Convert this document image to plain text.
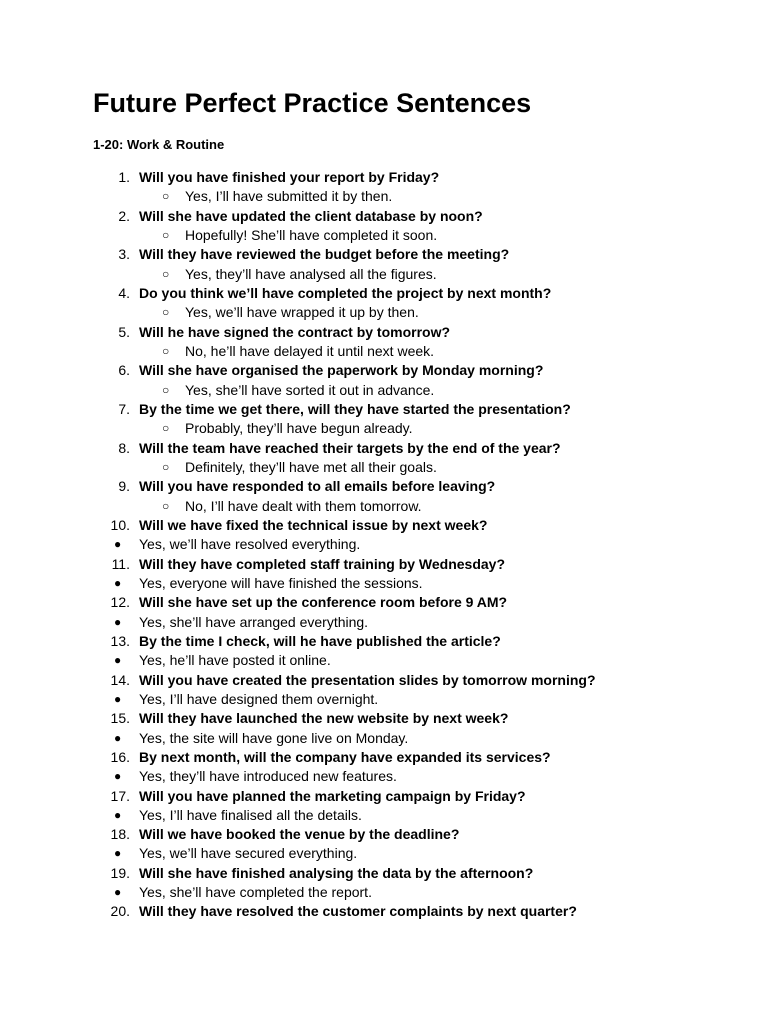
Future Perfect Practice Sentences
1-20: Work & Routine
1. Will you have finished your report by Friday?
○ Yes, I’ll have submitted it by then.
2. Will she have updated the client database by noon?
○ Hopefully! She’ll have completed it soon.
3. Will they have reviewed the budget before the meeting?
○ Yes, they’ll have analysed all the figures.
4. Do you think we’ll have completed the project by next month?
○ Yes, we’ll have wrapped it up by then.
5. Will he have signed the contract by tomorrow?
○ No, he’ll have delayed it until next week.
6. Will she have organised the paperwork by Monday morning?
○ Yes, she’ll have sorted it out in advance.
7. By the time we get there, will they have started the presentation?
○ Probably, they’ll have begun already.
8. Will the team have reached their targets by the end of the year?
○ Definitely, they’ll have met all their goals.
9. Will you have responded to all emails before leaving?
○ No, I’ll have dealt with them tomorrow.
10. Will we have fixed the technical issue by next week?
● Yes, we’ll have resolved everything.
11. Will they have completed staff training by Wednesday?
● Yes, everyone will have finished the sessions.
12. Will she have set up the conference room before 9 AM?
● Yes, she’ll have arranged everything.
13. By the time I check, will he have published the article?
● Yes, he’ll have posted it online.
14. Will you have created the presentation slides by tomorrow morning?
● Yes, I’ll have designed them overnight.
15. Will they have launched the new website by next week?
● Yes, the site will have gone live on Monday.
16. By next month, will the company have expanded its services?
● Yes, they’ll have introduced new features.
17. Will you have planned the marketing campaign by Friday?
● Yes, I’ll have finalised all the details.
18. Will we have booked the venue by the deadline?
● Yes, we’ll have secured everything.
19. Will she have finished analysing the data by the afternoon?
● Yes, she’ll have completed the report.
20. Will they have resolved the customer complaints by next quarter?
